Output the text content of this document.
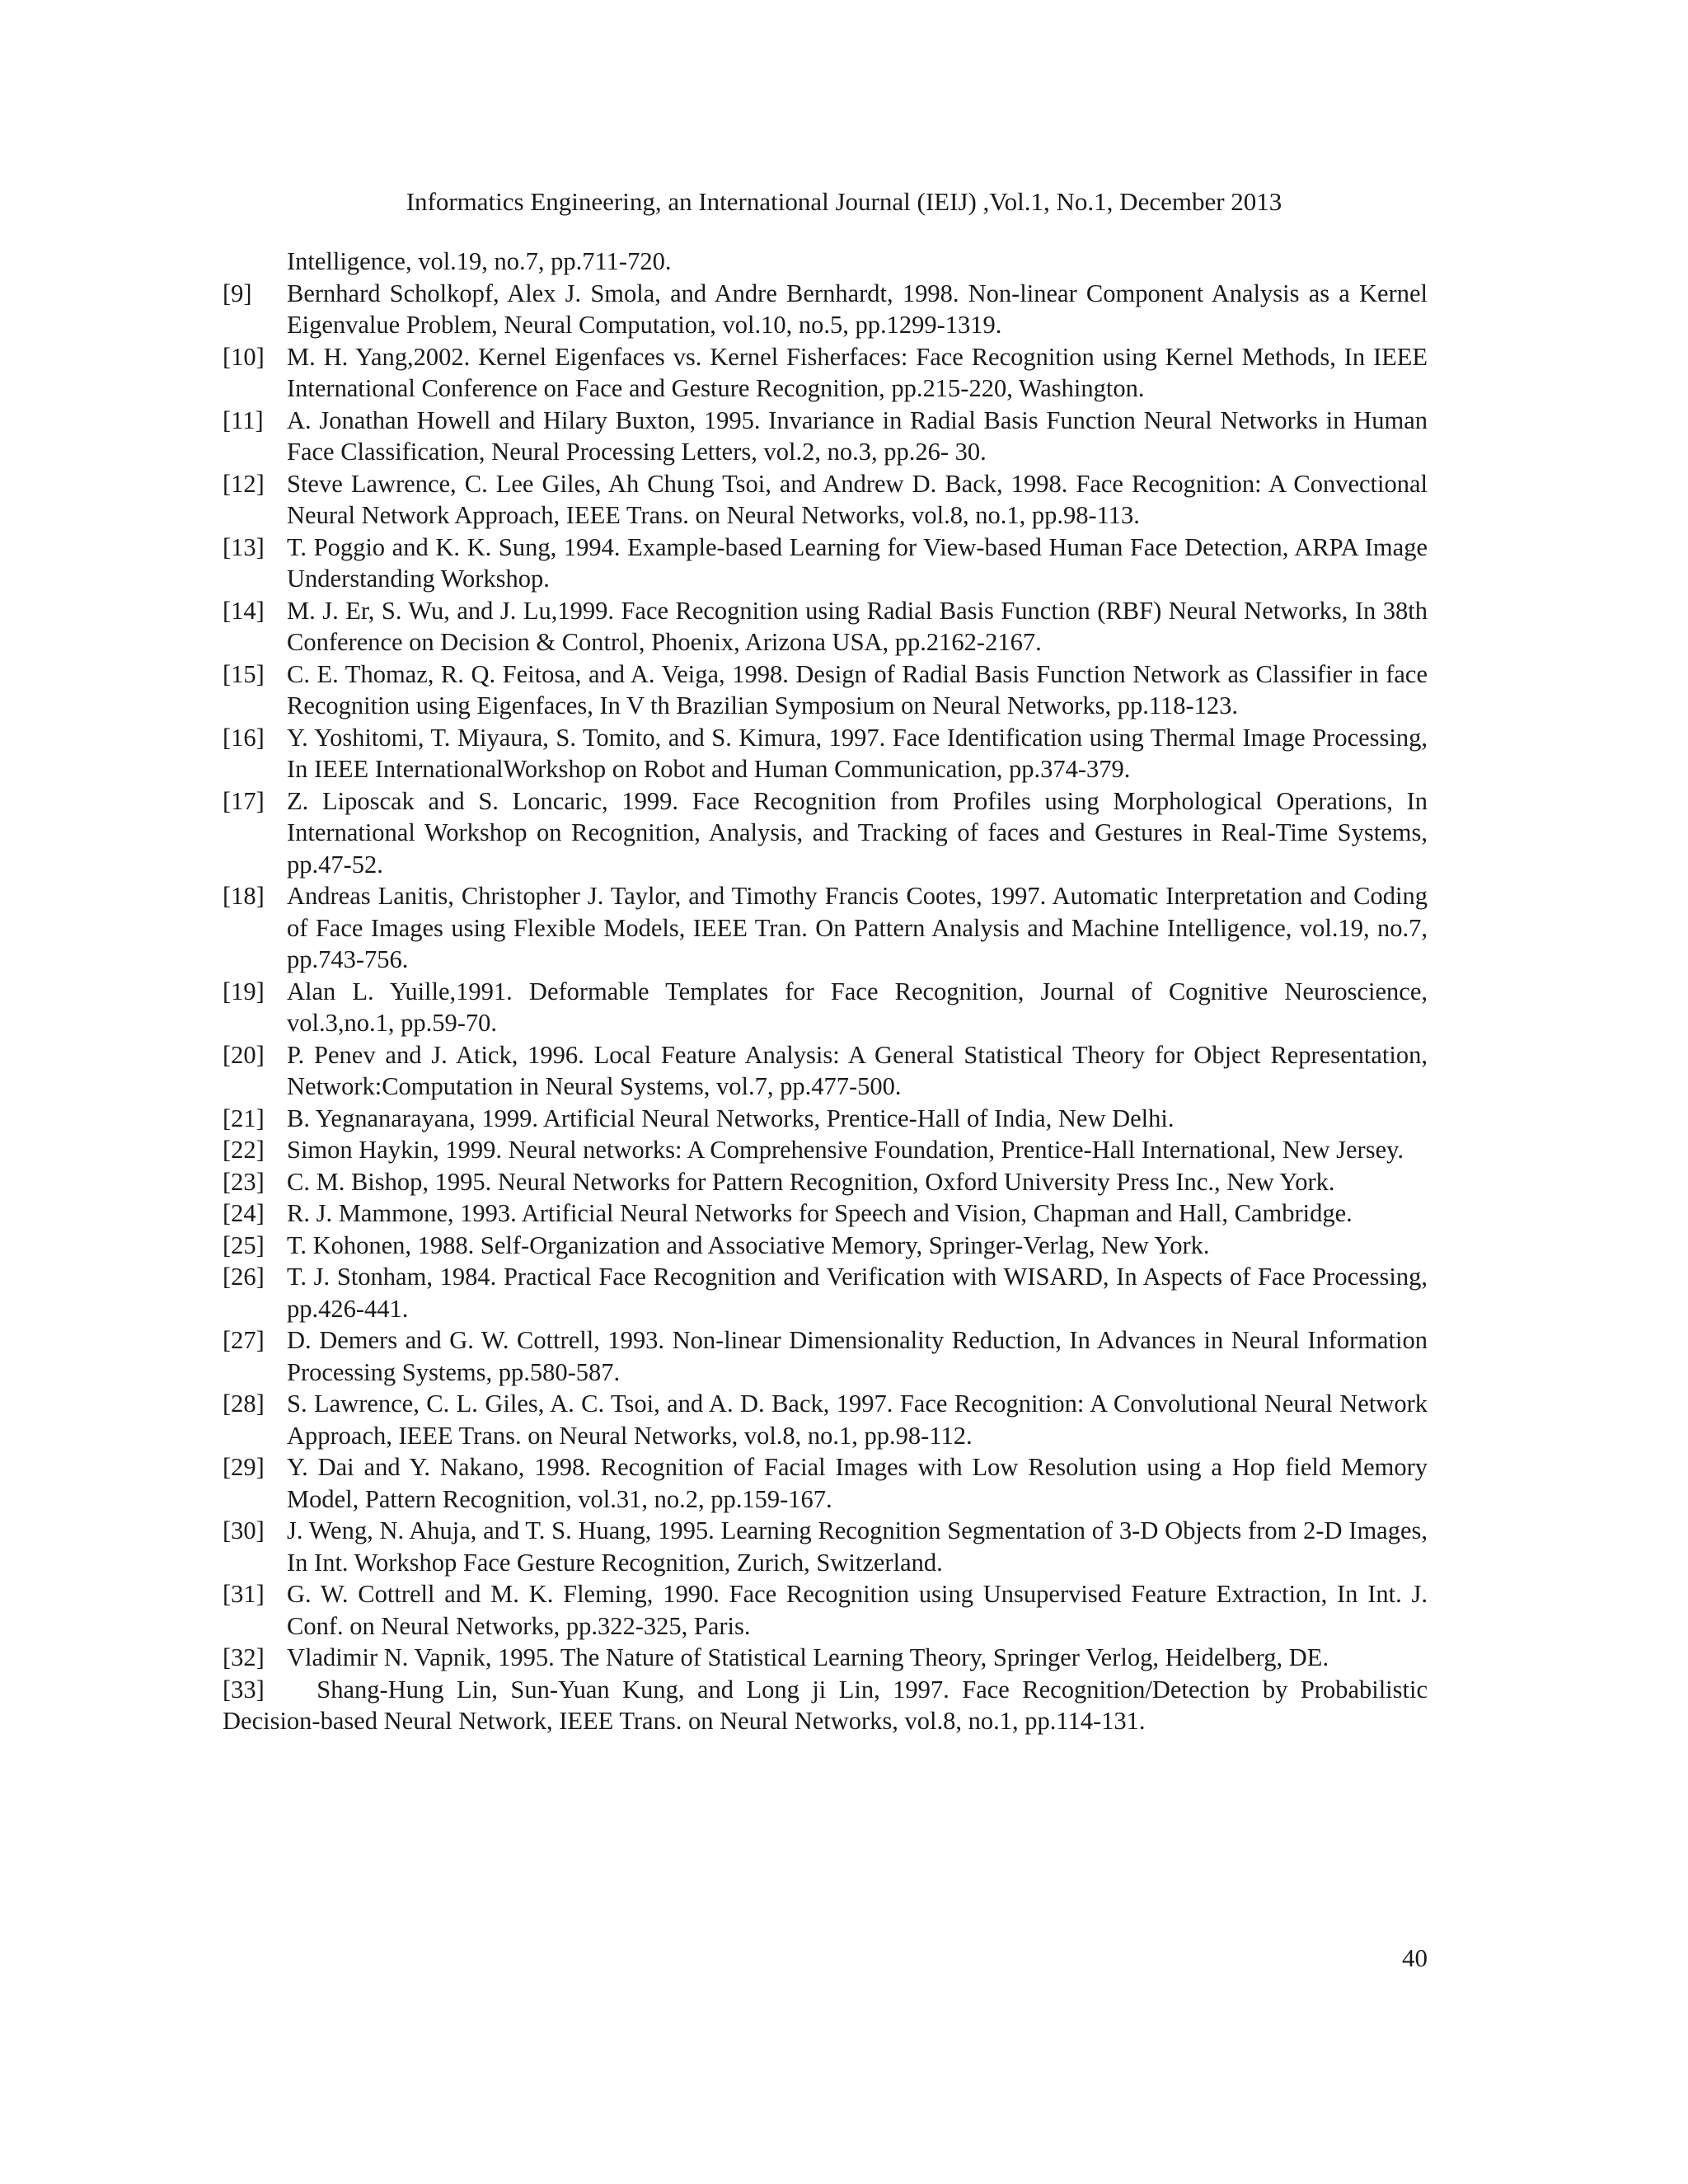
Informatics Engineering, an International Journal (IEIJ) ,Vol.1, No.1, December 2013
Intelligence, vol.19, no.7, pp.711-720.
[9]	Bernhard Scholkopf, Alex J. Smola, and Andre Bernhardt, 1998. Non-linear Component Analysis as a Kernel Eigenvalue Problem, Neural Computation, vol.10, no.5, pp.1299-1319.
[10] M. H. Yang,2002. Kernel Eigenfaces vs. Kernel Fisherfaces: Face Recognition using Kernel Methods, In IEEE International Conference on Face and Gesture Recognition, pp.215-220, Washington.
[11] A. Jonathan Howell and Hilary Buxton, 1995. Invariance in Radial Basis Function Neural Networks in Human Face Classification, Neural Processing Letters, vol.2, no.3, pp.26- 30.
[12] Steve Lawrence, C. Lee Giles, Ah Chung Tsoi, and Andrew D. Back, 1998. Face Recognition: A Convectional Neural Network Approach, IEEE Trans. on Neural Networks, vol.8, no.1, pp.98-113.
[13] T. Poggio and K. K. Sung, 1994. Example-based Learning for View-based Human Face Detection, ARPA Image Understanding Workshop.
[14] M. J. Er, S. Wu, and J. Lu,1999. Face Recognition using Radial Basis Function (RBF) Neural Networks, In 38th Conference on Decision & Control, Phoenix, Arizona USA, pp.2162-2167.
[15] C. E. Thomaz, R. Q. Feitosa, and A. Veiga, 1998. Design of Radial Basis Function Network as Classifier in face Recognition using Eigenfaces, In V th Brazilian Symposium on Neural Networks, pp.118-123.
[16] Y. Yoshitomi, T. Miyaura, S. Tomito, and S. Kimura, 1997. Face Identification using Thermal Image Processing, In IEEE InternationalWorkshop on Robot and Human Communication, pp.374-379.
[17] Z. Liposcak and S. Loncaric, 1999. Face Recognition from Profiles using Morphological Operations, In International Workshop on Recognition, Analysis, and Tracking of faces and Gestures in Real-Time Systems, pp.47-52.
[18] Andreas Lanitis, Christopher J. Taylor, and Timothy Francis Cootes, 1997. Automatic Interpretation and Coding of Face Images using Flexible Models, IEEE Tran. On Pattern Analysis and Machine Intelligence, vol.19, no.7, pp.743-756.
[19] Alan L. Yuille,1991. Deformable Templates for Face Recognition, Journal of Cognitive Neuroscience, vol.3,no.1, pp.59-70.
[20] P. Penev and J. Atick, 1996. Local Feature Analysis: A General Statistical Theory for Object Representation, Network:Computation in Neural Systems, vol.7, pp.477-500.
[21] B. Yegnanarayana, 1999. Artificial Neural Networks, Prentice-Hall of India, New Delhi.
[22] Simon Haykin, 1999. Neural networks: A Comprehensive Foundation, Prentice-Hall International, New Jersey.
[23] C. M. Bishop, 1995. Neural Networks for Pattern Recognition, Oxford University Press Inc., New York.
[24] R. J. Mammone, 1993. Artificial Neural Networks for Speech and Vision, Chapman and Hall, Cambridge.
[25] T. Kohonen, 1988. Self-Organization and Associative Memory, Springer-Verlag, New York.
[26] T. J. Stonham, 1984. Practical Face Recognition and Verification with WISARD, In Aspects of Face Processing, pp.426-441.
[27] D. Demers and G. W. Cottrell, 1993. Non-linear Dimensionality Reduction, In Advances in Neural Information Processing Systems, pp.580-587.
[28] S. Lawrence, C. L. Giles, A. C. Tsoi, and A. D. Back, 1997. Face Recognition: A Convolutional Neural Network Approach, IEEE Trans. on Neural Networks, vol.8, no.1, pp.98-112.
[29] Y. Dai and Y. Nakano, 1998. Recognition of Facial Images with Low Resolution using a Hop field Memory Model, Pattern Recognition, vol.31, no.2, pp.159-167.
[30] J. Weng, N. Ahuja, and T. S. Huang, 1995. Learning Recognition Segmentation of 3-D Objects from 2-D Images, In Int. Workshop Face Gesture Recognition, Zurich, Switzerland.
[31] G. W. Cottrell and M. K. Fleming, 1990. Face Recognition using Unsupervised Feature Extraction, In Int. J. Conf. on Neural Networks, pp.322-325, Paris.
[32] Vladimir N. Vapnik, 1995. The Nature of Statistical Learning Theory, Springer Verlog, Heidelberg, DE.
[33] Shang-Hung Lin, Sun-Yuan Kung, and Long ji Lin, 1997. Face Recognition/Detection by Probabilistic Decision-based Neural Network, IEEE Trans. on Neural Networks, vol.8, no.1, pp.114-131.
40
